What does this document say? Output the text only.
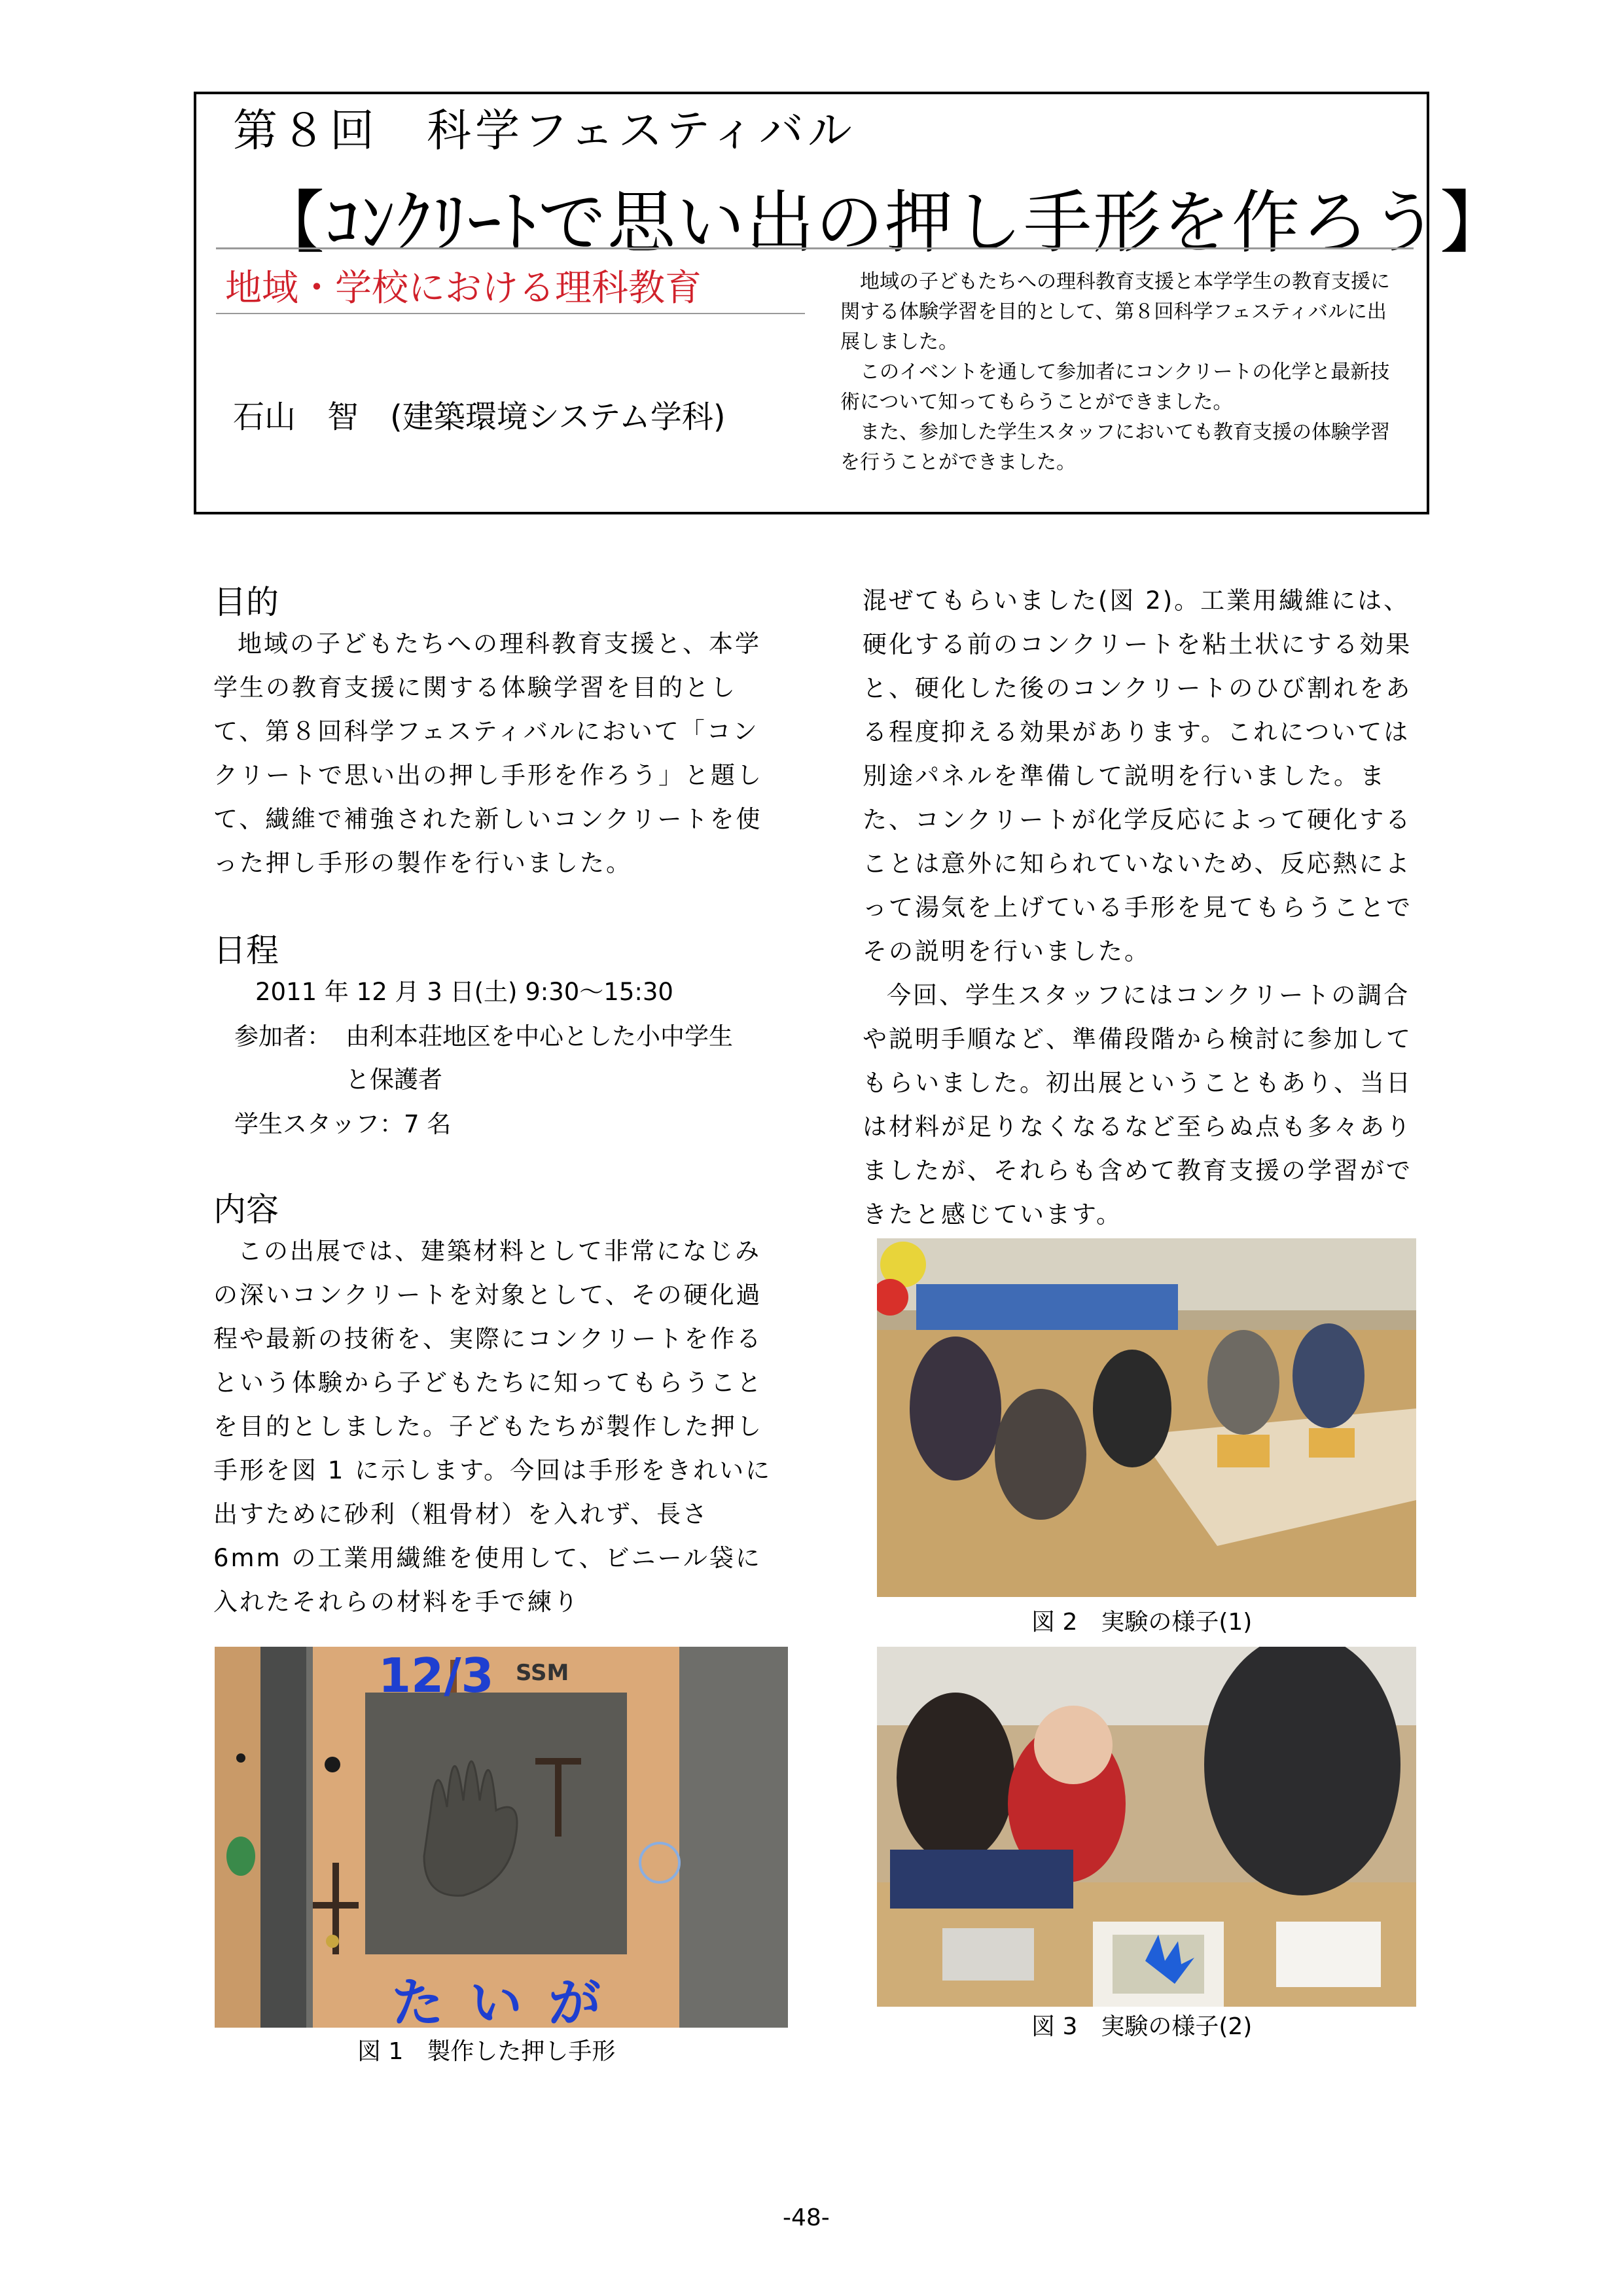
第８回　科学フェスティバル
【ｺﾝｸﾘｰﾄで思い出の押し手形を作ろう】
地域・学校における理科教育
石山　智　(建築環境システム学科)

地域の子どもたちへの理科教育支援と本学学生の教育支援に関する体験学習を目的として、第８回科学フェスティバルに出展しました。

このイベントを通して参加者にコンクリートの化学と最新技術について知ってもらうことができました。

また、参加した学生スタッフにおいても教育支援の体験学習を行うことができました。

目的

地域の子どもたちへの理科教育支援と、本学学生の教育支援に関する体験学習を目的として、第８回科学フェスティバルにおいて「コンクリートで思い出の押し手形を作ろう」と題して、繊維で補強された新しいコンクリートを使った押し手形の製作を行いました。

日程
2011 年 12 月 3 日(土) 9:30～15:30
参加者： 由利本荘地区を中心とした小中学生
と保護者
学生スタッフ：7 名
内容

この出展では、建築材料として非常になじみの深いコンクリートを対象として、その硬化過程や最新の技術を、実際にコンクリートを作るという体験から子どもたちに知ってもらうことを目的としました。子どもたちが製作した押し手形を図 1 に示します。今回は手形をきれいに出すために砂利（粗骨材）を入れず、長さ 6mm の工業用繊維を使用して、ビニール袋に入れたそれらの材料を手で練り

12/3 SSM
たいが
図 1　製作した押し手形

混ぜてもらいました(図 2)。工業用繊維には、硬化する前のコンクリートを粘土状にする効果と、硬化した後のコンクリートのひび割れをある程度抑える効果があります。これについては別途パネルを準備して説明を行いました。また、コンクリートが化学反応によって硬化することは意外に知られていないため、反応熱によって湯気を上げている手形を見てもらうことでその説明を行いました。

今回、学生スタッフにはコンクリートの調合や説明手順など、準備段階から検討に参加してもらいました。初出展ということもあり、当日は材料が足りなくなるなど至らぬ点も多々ありましたが、それらも含めて教育支援の学習ができたと感じています。

図 2　実験の様子(1)
図 3　実験の様子(2)
-48-
